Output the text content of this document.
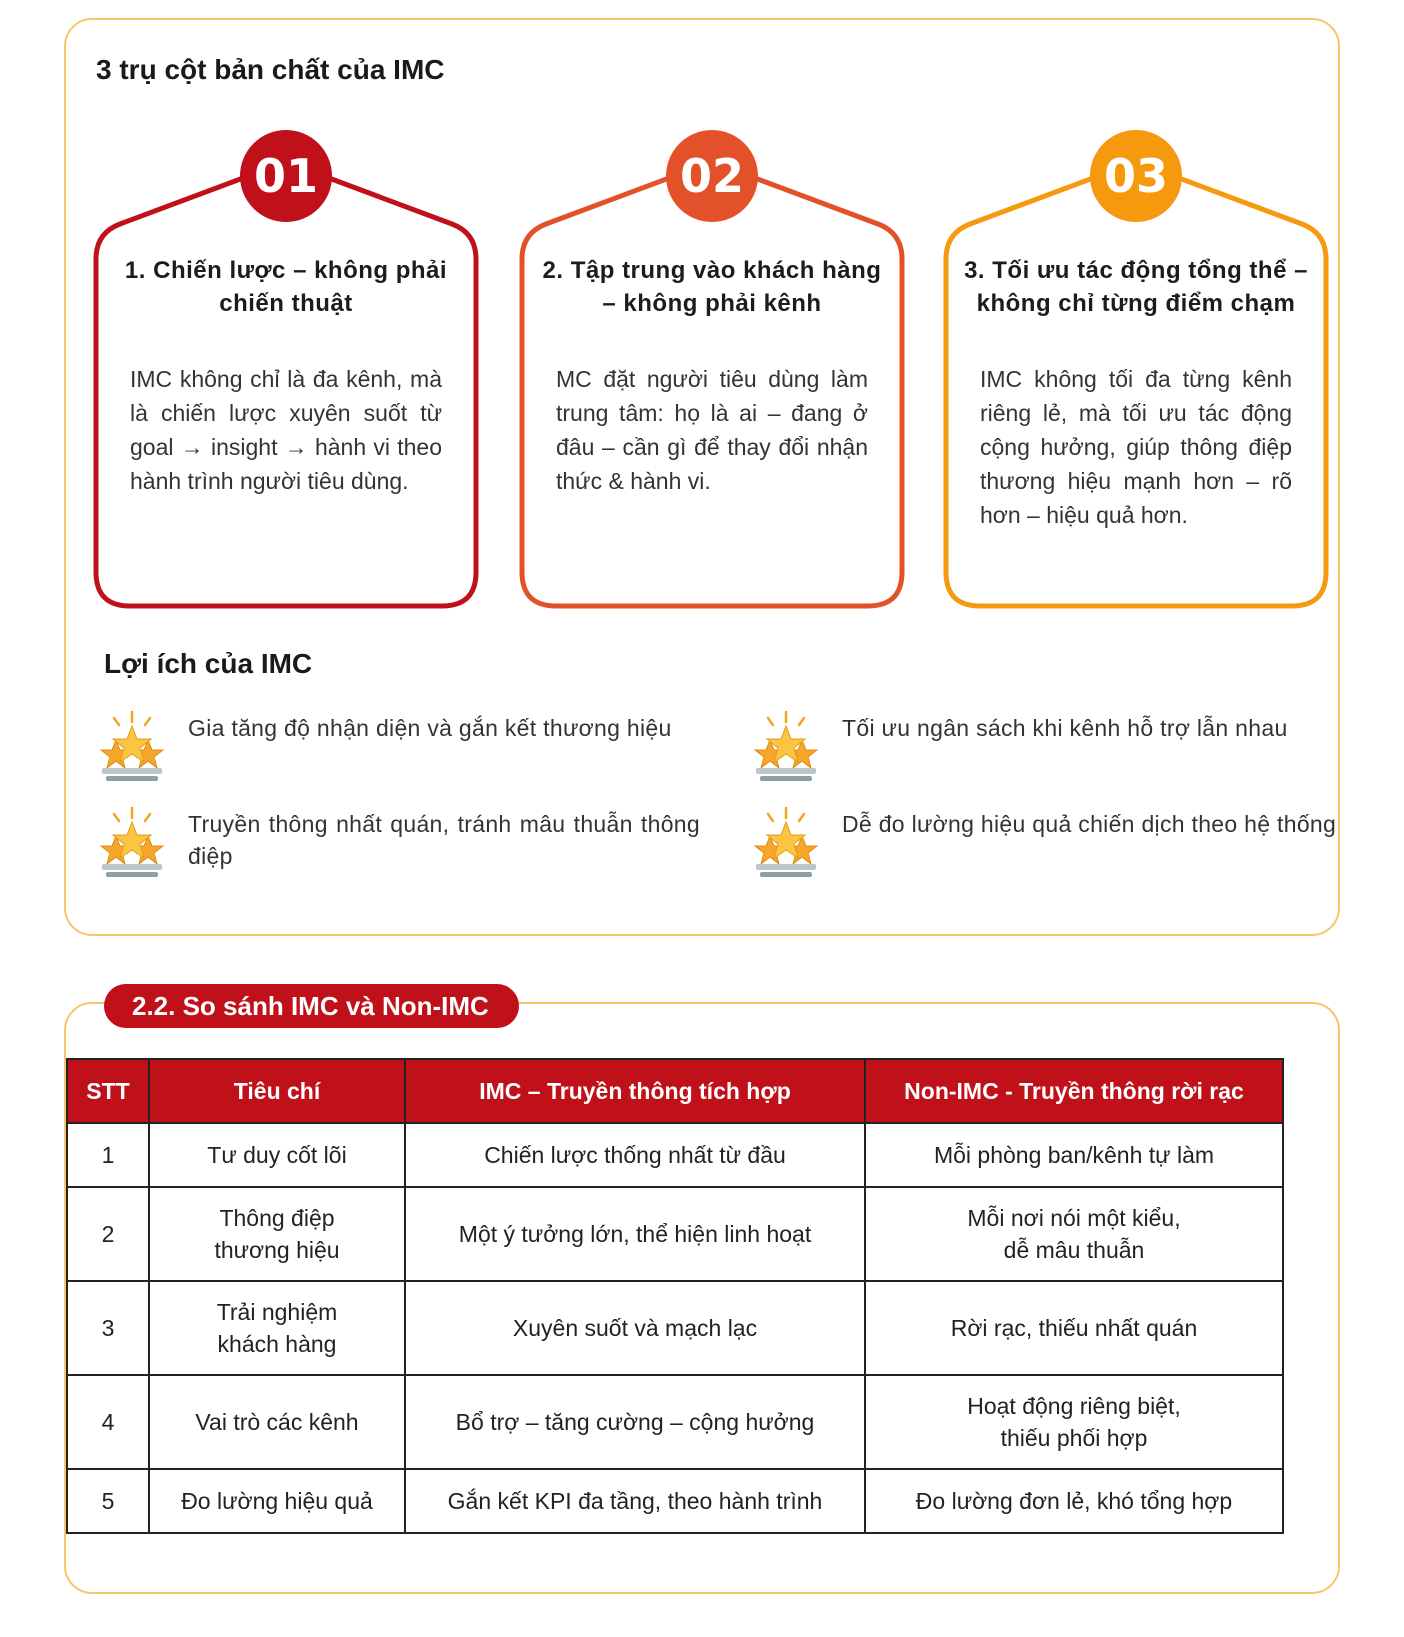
3 trụ cột bản chất của IMC
01

1. Chiến lược – không phải chiến thuật

IMC không chỉ là đa kênh, mà là chiến lược xuyên suốt từ goal → insight → hành vi theo hành trình người tiêu dùng.

02

2. Tập trung vào khách hàng – không phải kênh

MC đặt người tiêu dùng làm trung tâm: họ là ai – đang ở đâu – cần gì để thay đổi nhận thức & hành vi.

03

3. Tối ưu tác động tổng thể – không chỉ từng điểm chạm

IMC không tối đa từng kênh riêng lẻ, mà tối ưu tác động cộng hưởng, giúp thông điệp thương hiệu mạnh hơn – rõ hơn – hiệu quả hơn.

Lợi ích của IMC

Gia tăng độ nhận diện và gắn kết thương hiệu	Tối ưu ngân sách khi kênh hỗ trợ lẫn nhau

Truyền thông nhất quán, tránh mâu thuẫn thông điệp

Dễ đo lường hiệu quả chiến dịch theo hệ thống

2.2. So sánh IMC và Non-IMC
STT	Tiêu chí	IMC – Truyền thông tích hợp	Non-IMC - Truyền thông rời rạc
1	Tư duy cốt lõi	Chiến lược thống nhất từ đầu	Mỗi phòng ban/kênh tự làm

2	Thông điệp
thương hiệu	Một ý tưởng lớn, thể hiện linh hoạt	Mỗi nơi nói một kiểu,
dễ mâu thuẫn

3	Trải nghiệm
khách hàng	Xuyên suốt và mạch lạc	Rời rạc, thiếu nhất quán

4	Vai trò các kênh	Bổ trợ – tăng cường – cộng hưởng	Hoạt động riêng biệt,
thiếu phối hợp

5	Đo lường hiệu quả	Gắn kết KPI đa tầng, theo hành trình	Đo lường đơn lẻ, khó tổng hợp
